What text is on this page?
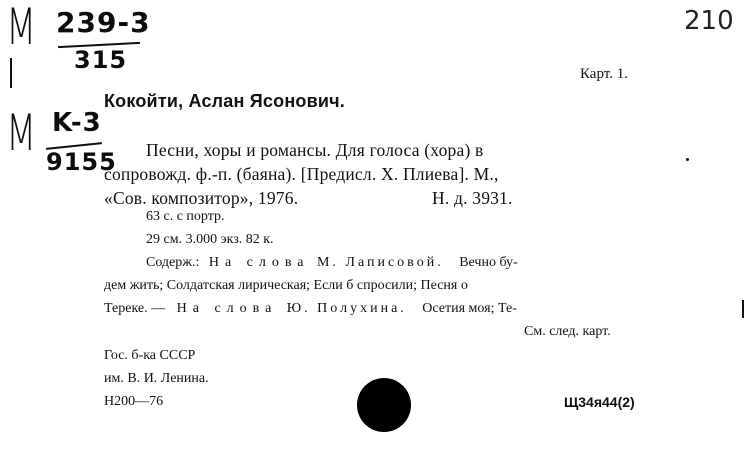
M 239-3
315
210
M K-3
9155
Карт. 1.
Кокойти, Аслан Ясонович.
Песни, хоры и романсы. Для голоса (хора) в
сопровожд. ф.-п. (баяна). [Предисл. Х. Плиева]. М.,
«Сов. композитор», 1976.	Н. д. 3931.
63 с. с портр.
29 см. 3.000 экз. 82 к.
Содерж.: На слова М. Лаписовой. Вечно бу-
дем жить; Солдатская лирическая; Если б спросили; Песня о
Тереке. — На слова Ю. Полухина. Осетия моя; Те-
См. след. карт.
Гос. б-ка СССР
им. В. И. Ленина.
Н200—76	Щ34я44(2)
